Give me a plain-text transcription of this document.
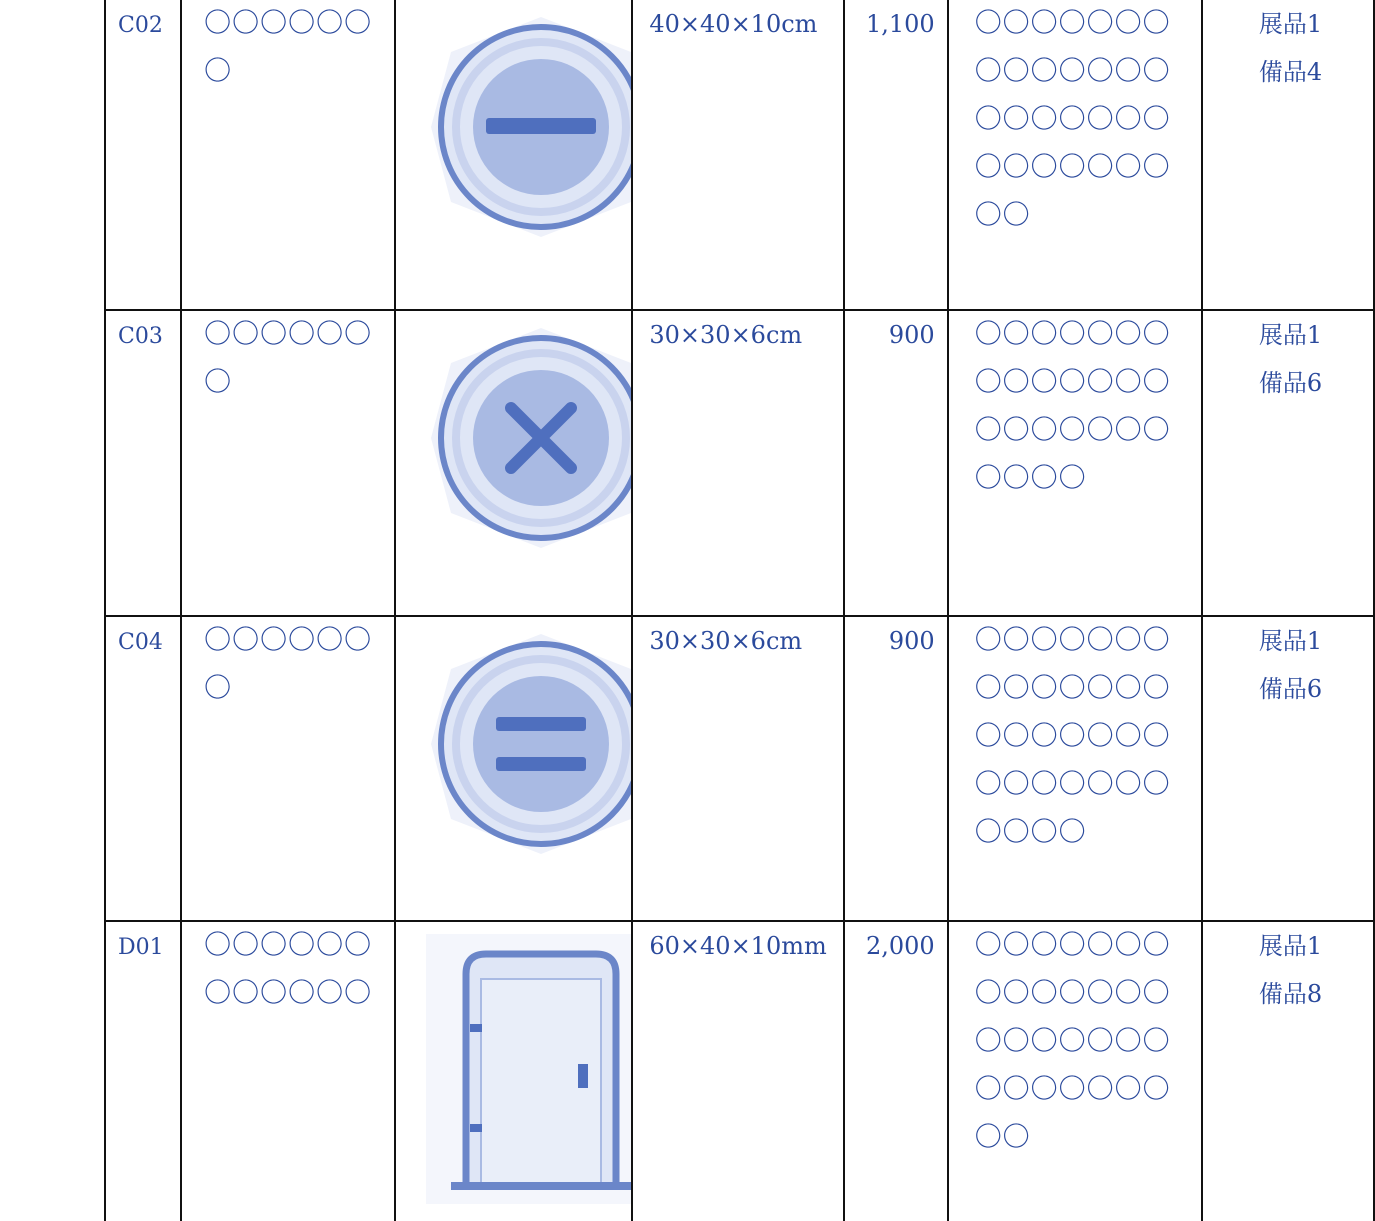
C02	〇〇〇〇〇〇〇		40×40×10cm	1,100	〇〇〇〇〇〇〇〇〇〇〇〇〇〇〇〇〇〇〇〇〇〇〇〇〇〇〇〇〇〇	展品1
備品4

C03	〇〇〇〇〇〇〇		30×30×6cm	900	〇〇〇〇〇〇〇〇〇〇〇〇〇〇〇〇〇〇〇〇〇〇〇〇〇	展品1
備品6

C04	〇〇〇〇〇〇〇		30×30×6cm	900	〇〇〇〇〇〇〇〇〇〇〇〇〇〇〇〇〇〇〇〇〇〇〇〇〇〇〇〇〇〇〇〇	展品1
備品6

D01	〇〇〇〇〇〇〇〇〇〇〇〇		60×40×10mm	2,000	〇〇〇〇〇〇〇〇〇〇〇〇〇〇〇〇〇〇〇〇〇〇〇〇〇〇〇〇〇〇	展品1
備品8
